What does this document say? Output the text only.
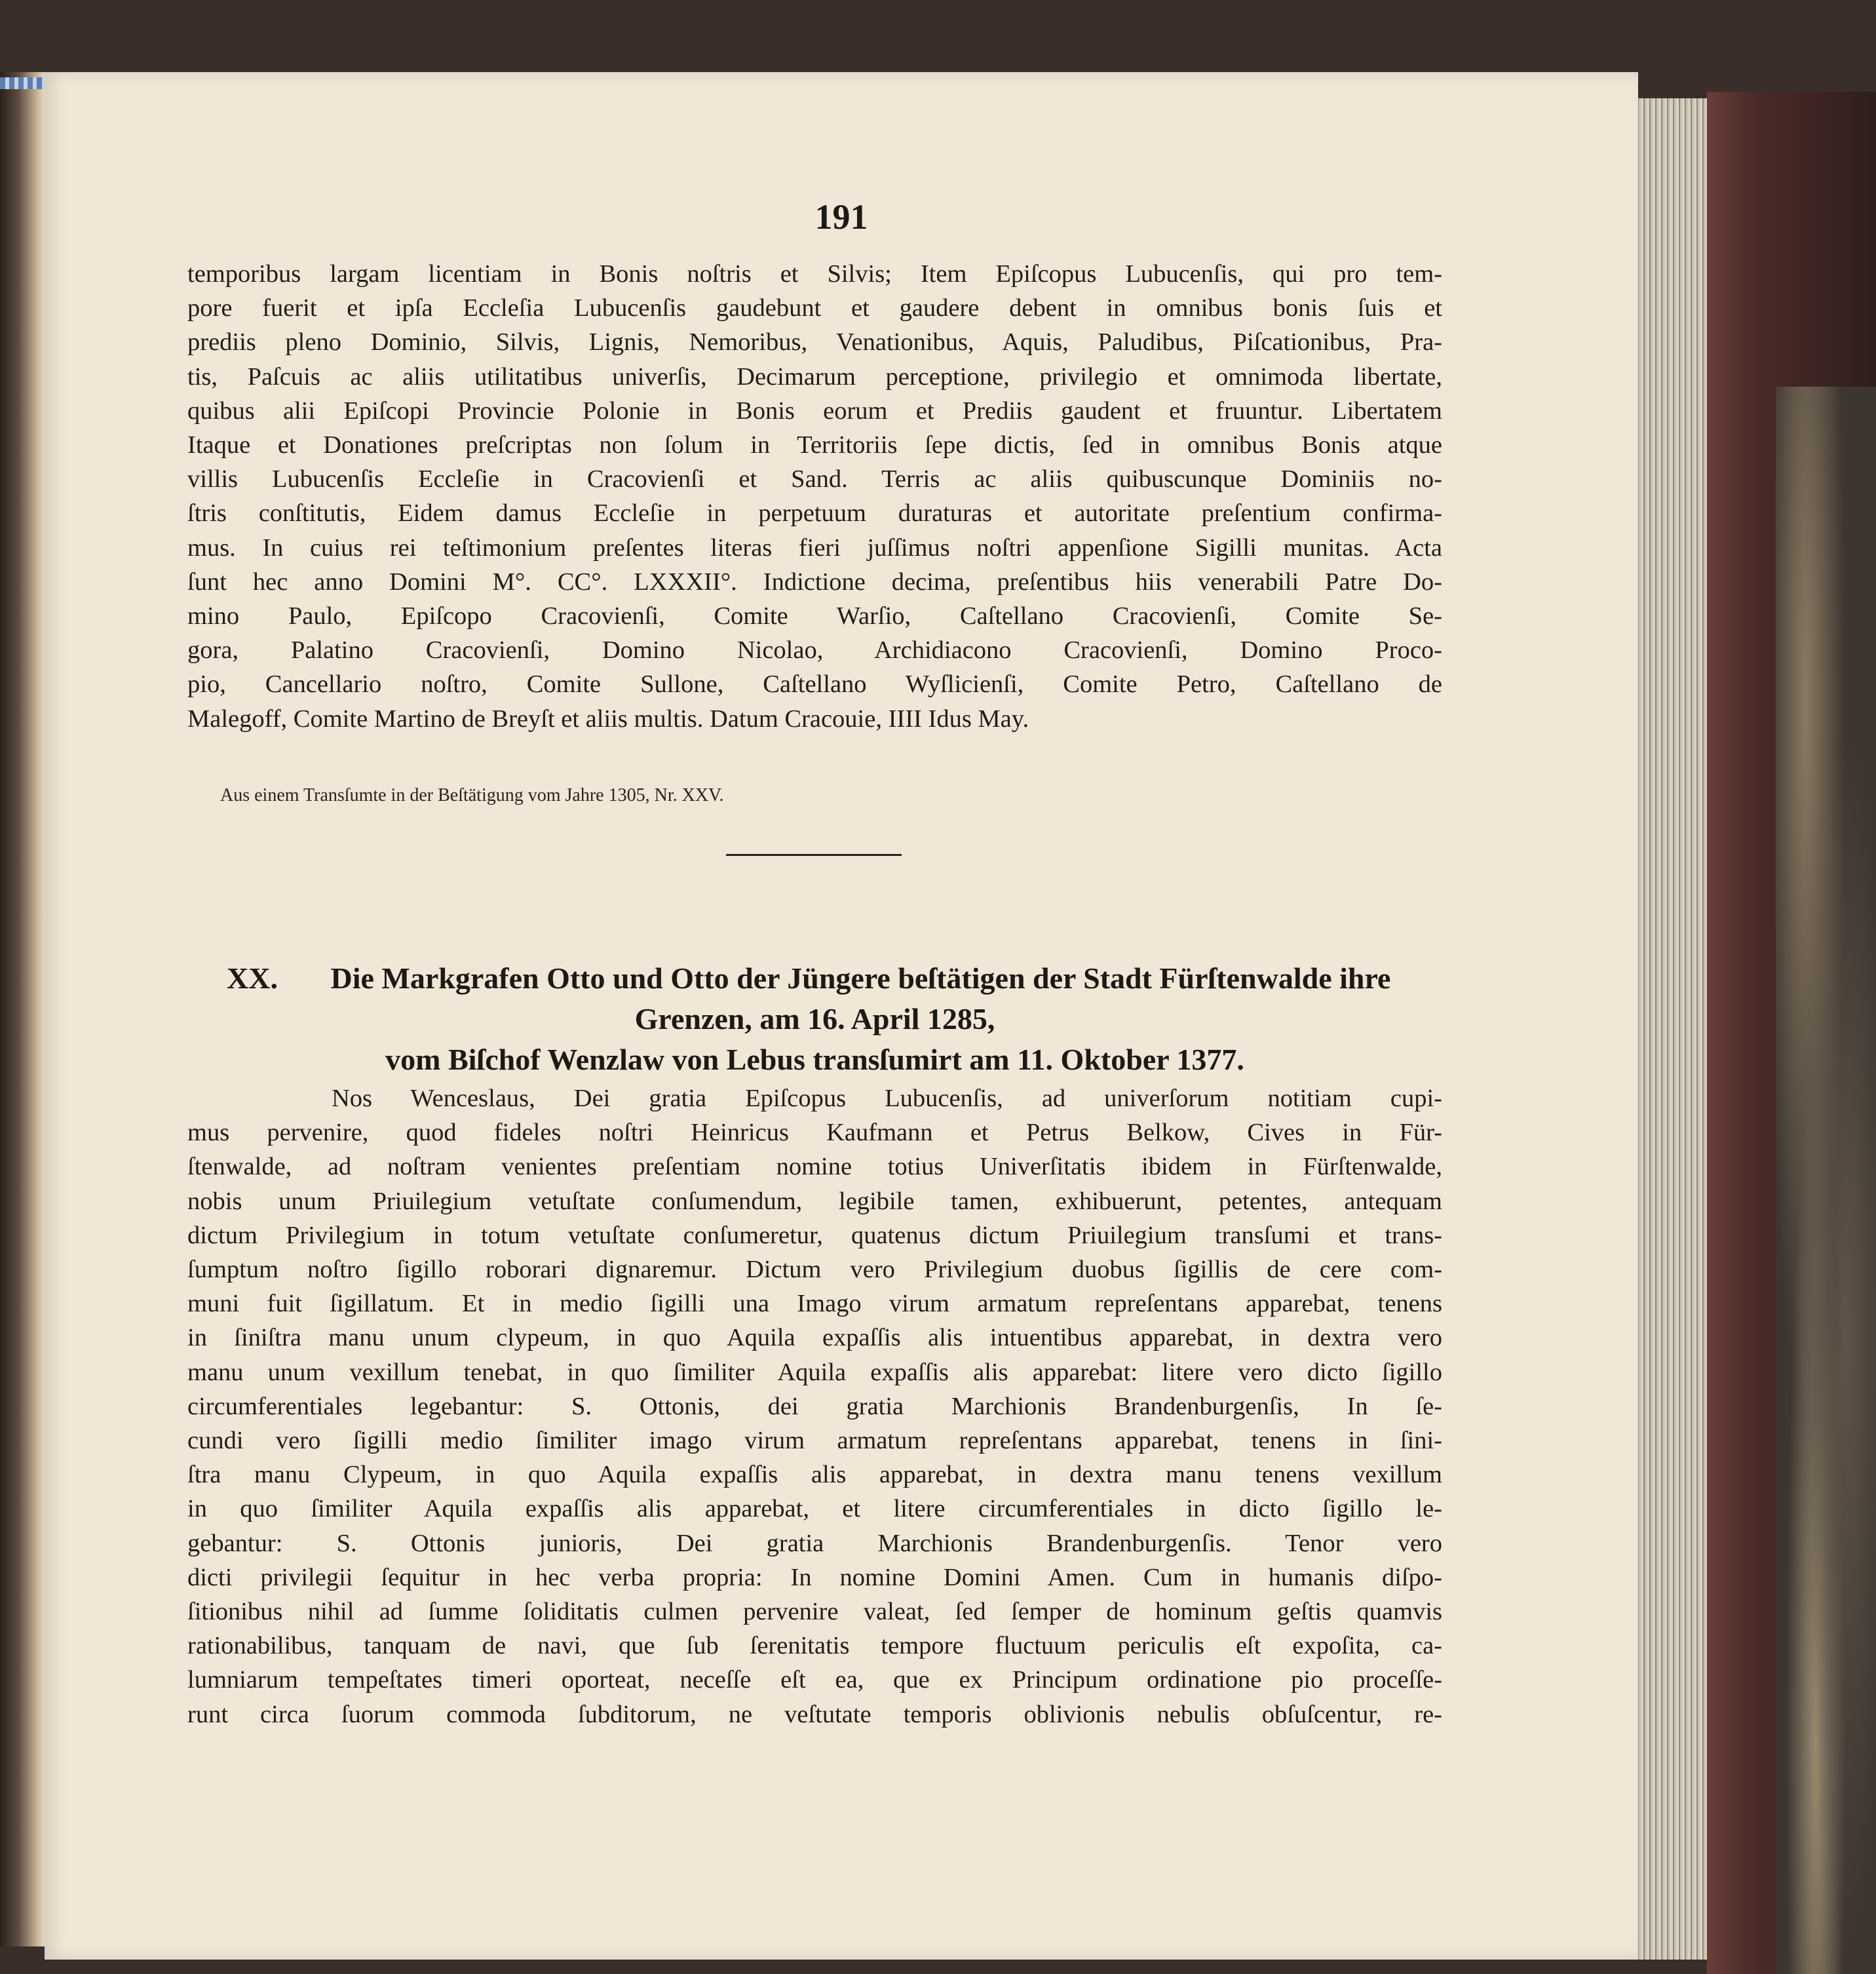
191
temporibus largam licentiam in Bonis noſtris et Silvis; Item Epiſcopus Lubucenſis, qui pro tem-
pore fuerit et ipſa Eccleſia Lubucenſis gaudebunt et gaudere debent in omnibus bonis ſuis et
prediis pleno Dominio, Silvis, Lignis, Nemoribus, Venationibus, Aquis, Paludibus, Piſcationibus, Pra-
tis, Paſcuis ac aliis utilitatibus univerſis, Decimarum perceptione, privilegio et omnimoda libertate,
quibus alii Epiſcopi Provincie Polonie in Bonis eorum et Prediis gaudent et fruuntur. Libertatem
Itaque et Donationes preſcriptas non ſolum in Territoriis ſepe dictis, ſed in omnibus Bonis atque
villis Lubucenſis Eccleſie in Cracovienſi et Sand. Terris ac aliis quibuscunque Dominiis no-
ſtris conſtitutis, Eidem damus Eccleſie in perpetuum duraturas et autoritate preſentium confirma-
mus. In cuius rei teſtimonium preſentes literas fieri juſſimus noſtri appenſione Sigilli munitas. Acta
ſunt hec anno Domini M°. CC°. LXXXII°. Indictione decima, preſentibus hiis venerabili Patre Do-
mino Paulo, Epiſcopo Cracovienſi, Comite Warſio, Caſtellano Cracovienſi, Comite Se-
gora, Palatino Cracovienſi, Domino Nicolao, Archidiacono Cracovienſi, Domino Proco-
pio, Cancellario noſtro, Comite Sullone, Caſtellano Wyſlicienſi, Comite Petro, Caſtellano de
Malegoff, Comite Martino de Breyſt et aliis multis. Datum Cracouie, IIII Idus May.
Aus einem Transſumte in der Beſtätigung vom Jahre 1305, Nr. XXV.
XX.	Die Markgrafen Otto und Otto der Jüngere beſtätigen der Stadt Fürſtenwalde ihre
Grenzen, am 16. April 1285,
vom Biſchof Wenzlaw von Lebus transſumirt am 11. Oktober 1377.
Nos Wenceslaus, Dei gratia Epiſcopus Lubucenſis, ad univerſorum notitiam cupi-
mus pervenire, quod fideles noſtri Heinricus Kaufmann et Petrus Belkow, Cives in Für-
ſtenwalde, ad noſtram venientes preſentiam nomine totius Univerſitatis ibidem in Fürſtenwalde,
nobis unum Priuilegium vetuſtate conſumendum, legibile tamen, exhibuerunt, petentes, antequam
dictum Privilegium in totum vetuſtate conſumeretur, quatenus dictum Priuilegium transſumi et trans-
ſumptum noſtro ſigillo roborari dignaremur. Dictum vero Privilegium duobus ſigillis de cere com-
muni fuit ſigillatum. Et in medio ſigilli una Imago virum armatum repreſentans apparebat, tenens
in ſiniſtra manu unum clypeum, in quo Aquila expaſſis alis intuentibus apparebat, in dextra vero
manu unum vexillum tenebat, in quo ſimiliter Aquila expaſſis alis apparebat: litere vero dicto ſigillo
circumferentiales legebantur: S. Ottonis, dei gratia Marchionis Brandenburgenſis, In ſe-
cundi vero ſigilli medio ſimiliter imago virum armatum repreſentans apparebat, tenens in ſini-
ſtra manu Clypeum, in quo Aquila expaſſis alis apparebat, in dextra manu tenens vexillum
in quo ſimiliter Aquila expaſſis alis apparebat, et litere circumferentiales in dicto ſigillo le-
gebantur: S. Ottonis junioris, Dei gratia Marchionis Brandenburgenſis. Tenor vero
dicti privilegii ſequitur in hec verba propria: In nomine Domini Amen. Cum in humanis diſpo-
ſitionibus nihil ad ſumme ſoliditatis culmen pervenire valeat, ſed ſemper de hominum geſtis quamvis
rationabilibus, tanquam de navi, que ſub ſerenitatis tempore fluctuum periculis eſt expoſita, ca-
lumniarum tempeſtates timeri oporteat, neceſſe eſt ea, que ex Principum ordinatione pio proceſſe-
runt circa ſuorum commoda ſubditorum, ne veſtutate temporis oblivionis nebulis obſuſcentur, re-
